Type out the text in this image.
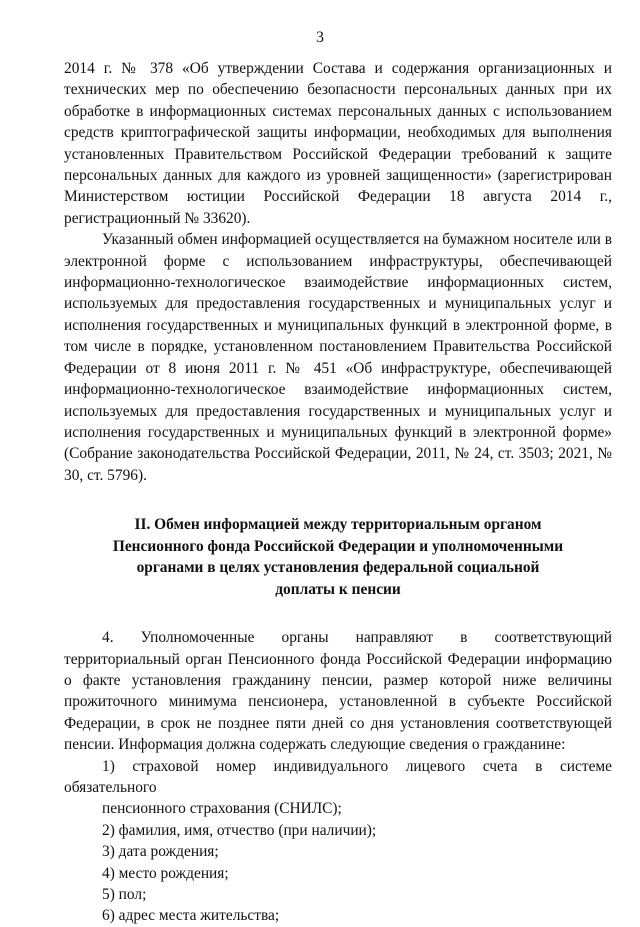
3

2014 г. № 378 «Об утверждении Состава и содержания организационных и технических мер по обеспечению безопасности персональных данных при их обработке в информационных системах персональных данных с использованием средств криптографической защиты информации, необходимых для выполнения установленных Правительством Российской Федерации требований к защите персональных данных для каждого из уровней защищенности» (зарегистрирован Министерством юстиции Российской Федерации 18 августа 2014 г., регистрационный № 33620).

Указанный обмен информацией осуществляется на бумажном носителе или в электронной форме с использованием инфраструктуры, обеспечивающей информационно-технологическое взаимодействие информационных систем, используемых для предоставления государственных и муниципальных услуг и исполнения государственных и муниципальных функций в электронной форме, в том числе в порядке, установленном постановлением Правительства Российской Федерации от 8 июня 2011 г. № 451 «Об инфраструктуре, обеспечивающей информационно-технологическое взаимодействие информационных систем, используемых для предоставления государственных и муниципальных услуг и исполнения государственных и муниципальных функций в электронной форме» (Собрание законодательства Российской Федерации, 2011, № 24, ст. 3503; 2021, № 30, ст. 5796).

II. Обмен информацией между территориальным органом
Пенсионного фонда Российской Федерации и уполномоченными
органами в целях установления федеральной социальной
доплаты к пенсии

4. Уполномоченные органы направляют в соответствующий территориальный орган Пенсионного фонда Российской Федерации информацию о факте установления гражданину пенсии, размер которой ниже величины прожиточного минимума пенсионера, установленной в субъекте Российской Федерации, в срок не позднее пяти дней со дня установления соответствующей пенсии. Информация должна содержать следующие сведения о гражданине:

1) страховой номер индивидуального лицевого счета в системе обязательного

пенсионного страхования (СНИЛС);

2) фамилия, имя, отчество (при наличии);

3) дата рождения;

4) место рождения;

5) пол;

6) адрес места жительства;
